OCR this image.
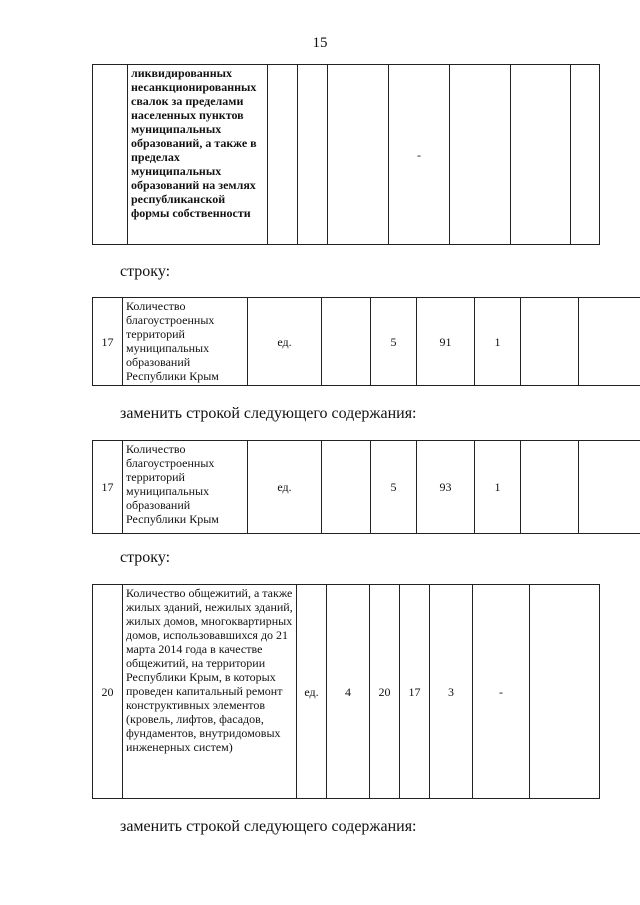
15
	ликвидированных несанкционированных свалок за пределами населенных пунктов муниципальных образований, а также в пределах муниципальных образований на землях республиканской формы собственности				-			
строку:
17	Количество благоустроенных территорий муниципальных образований Республики Крым	ед.		5	91	1		
заменить строкой следующего содержания:
17	Количество благоустроенных территорий муниципальных образований Республики Крым	ед.		5	93	1		
строку:
20	Количество общежитий, а также жилых зданий, нежилых зданий, жилых домов, многоквартирных домов, использовавшихся до 21 марта 2014 года в качестве общежитий, на территории Республики Крым, в которых проведен капитальный ремонт конструктивных элементов (кровель, лифтов, фасадов, фундаментов, внутридомовых инженерных систем)	ед.	4	20	17	3	-	
заменить строкой следующего содержания:
